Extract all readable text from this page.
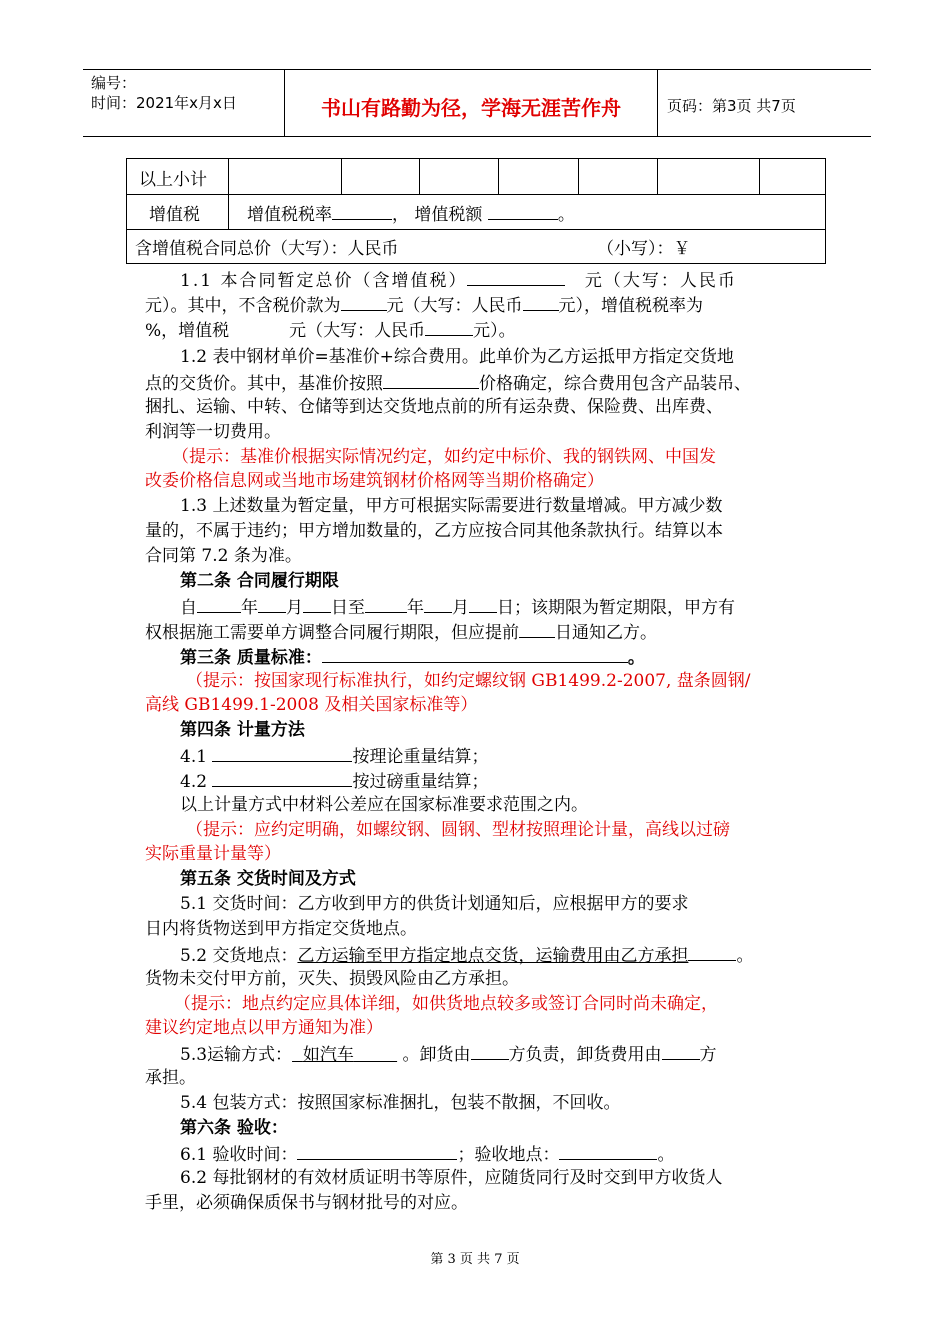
编号：
时间：2021年x月x日	书山有路勤为径，学海无涯苦作舟	页码：第3页 共7页
以上小计
增值税	增值税税率	， 增值税额	。
含增值税合同总价（大写）：人民币	（小写）：￥
1.1 本合同暂定总价（含增值税）	元（大写：人民币
元）。其中，不含税价款为	元（大写：人民币 元），增值税税率为
%，增值税	元（大写：人民币	元）。
1.2 表中钢材单价=基准价+综合费用。此单价为乙方运抵甲方指定交货地
点的交货价。其中，基准价按照	价格确定，综合费用包含产品装吊、
捆扎、运输、中转、仓储等到达交货地点前的所有运杂费、保险费、出库费、
利润等一切费用。
（提示：基准价根据实际情况约定，如约定中标价、我的钢铁网、中国发
改委价格信息网或当地市场建筑钢材价格网等当期价格确定）
1.3 上述数量为暂定量，甲方可根据实际需要进行数量增减。甲方减少数
量的，不属于违约；甲方增加数量的，乙方应按合同其他条款执行。结算以本
合同第 7.2 条为准。
第二条 合同履行期限
自	年 月 日至 年 月 日；该期限为暂定期限，甲方有
权根据施工需要单方调整合同履行期限，但应提前 日通知乙方。
第三条 质量标准：	。
（提示：按国家现行标准执行，如约定螺纹钢 GB1499.2-2007, 盘条圆钢/
高线 GB1499.1-2008 及相关国家标准等）
第四条 计量方法
4.1	按理论重量结算；
4.2	按过磅重量结算；
以上计量方式中材料公差应在国家标准要求范围之内。
（提示：应约定明确，如螺纹钢、圆钢、型材按照理论计量，高线以过磅
实际重量计量等）
第五条 交货时间及方式
5.1 交货时间：乙方收到甲方的供货计划通知后，应根据甲方的要求
日内将货物送到甲方指定交货地点。
5.2 交货地点：乙方运输至甲方指定地点交货，运输费用由乙方承担	。
货物未交付甲方前，灭失、损毁风险由乙方承担。
（提示：地点约定应具体详细，如供货地点较多或签订合同时尚未确定，
建议约定地点以甲方通知为准）
5.3运输方式： 如汽车	。卸货由 方负责，卸货费用由 方
承担。
5.4 包装方式：按照国家标准捆扎，包装不散捆，不回收。
第六条 验收：
6.1 验收时间：	；验收地点：	。
6.2 每批钢材的有效材质证明书等原件，应随货同行及时交到甲方收货人
手里，必须确保质保书与钢材批号的对应。
第 3 页 共 7 页
